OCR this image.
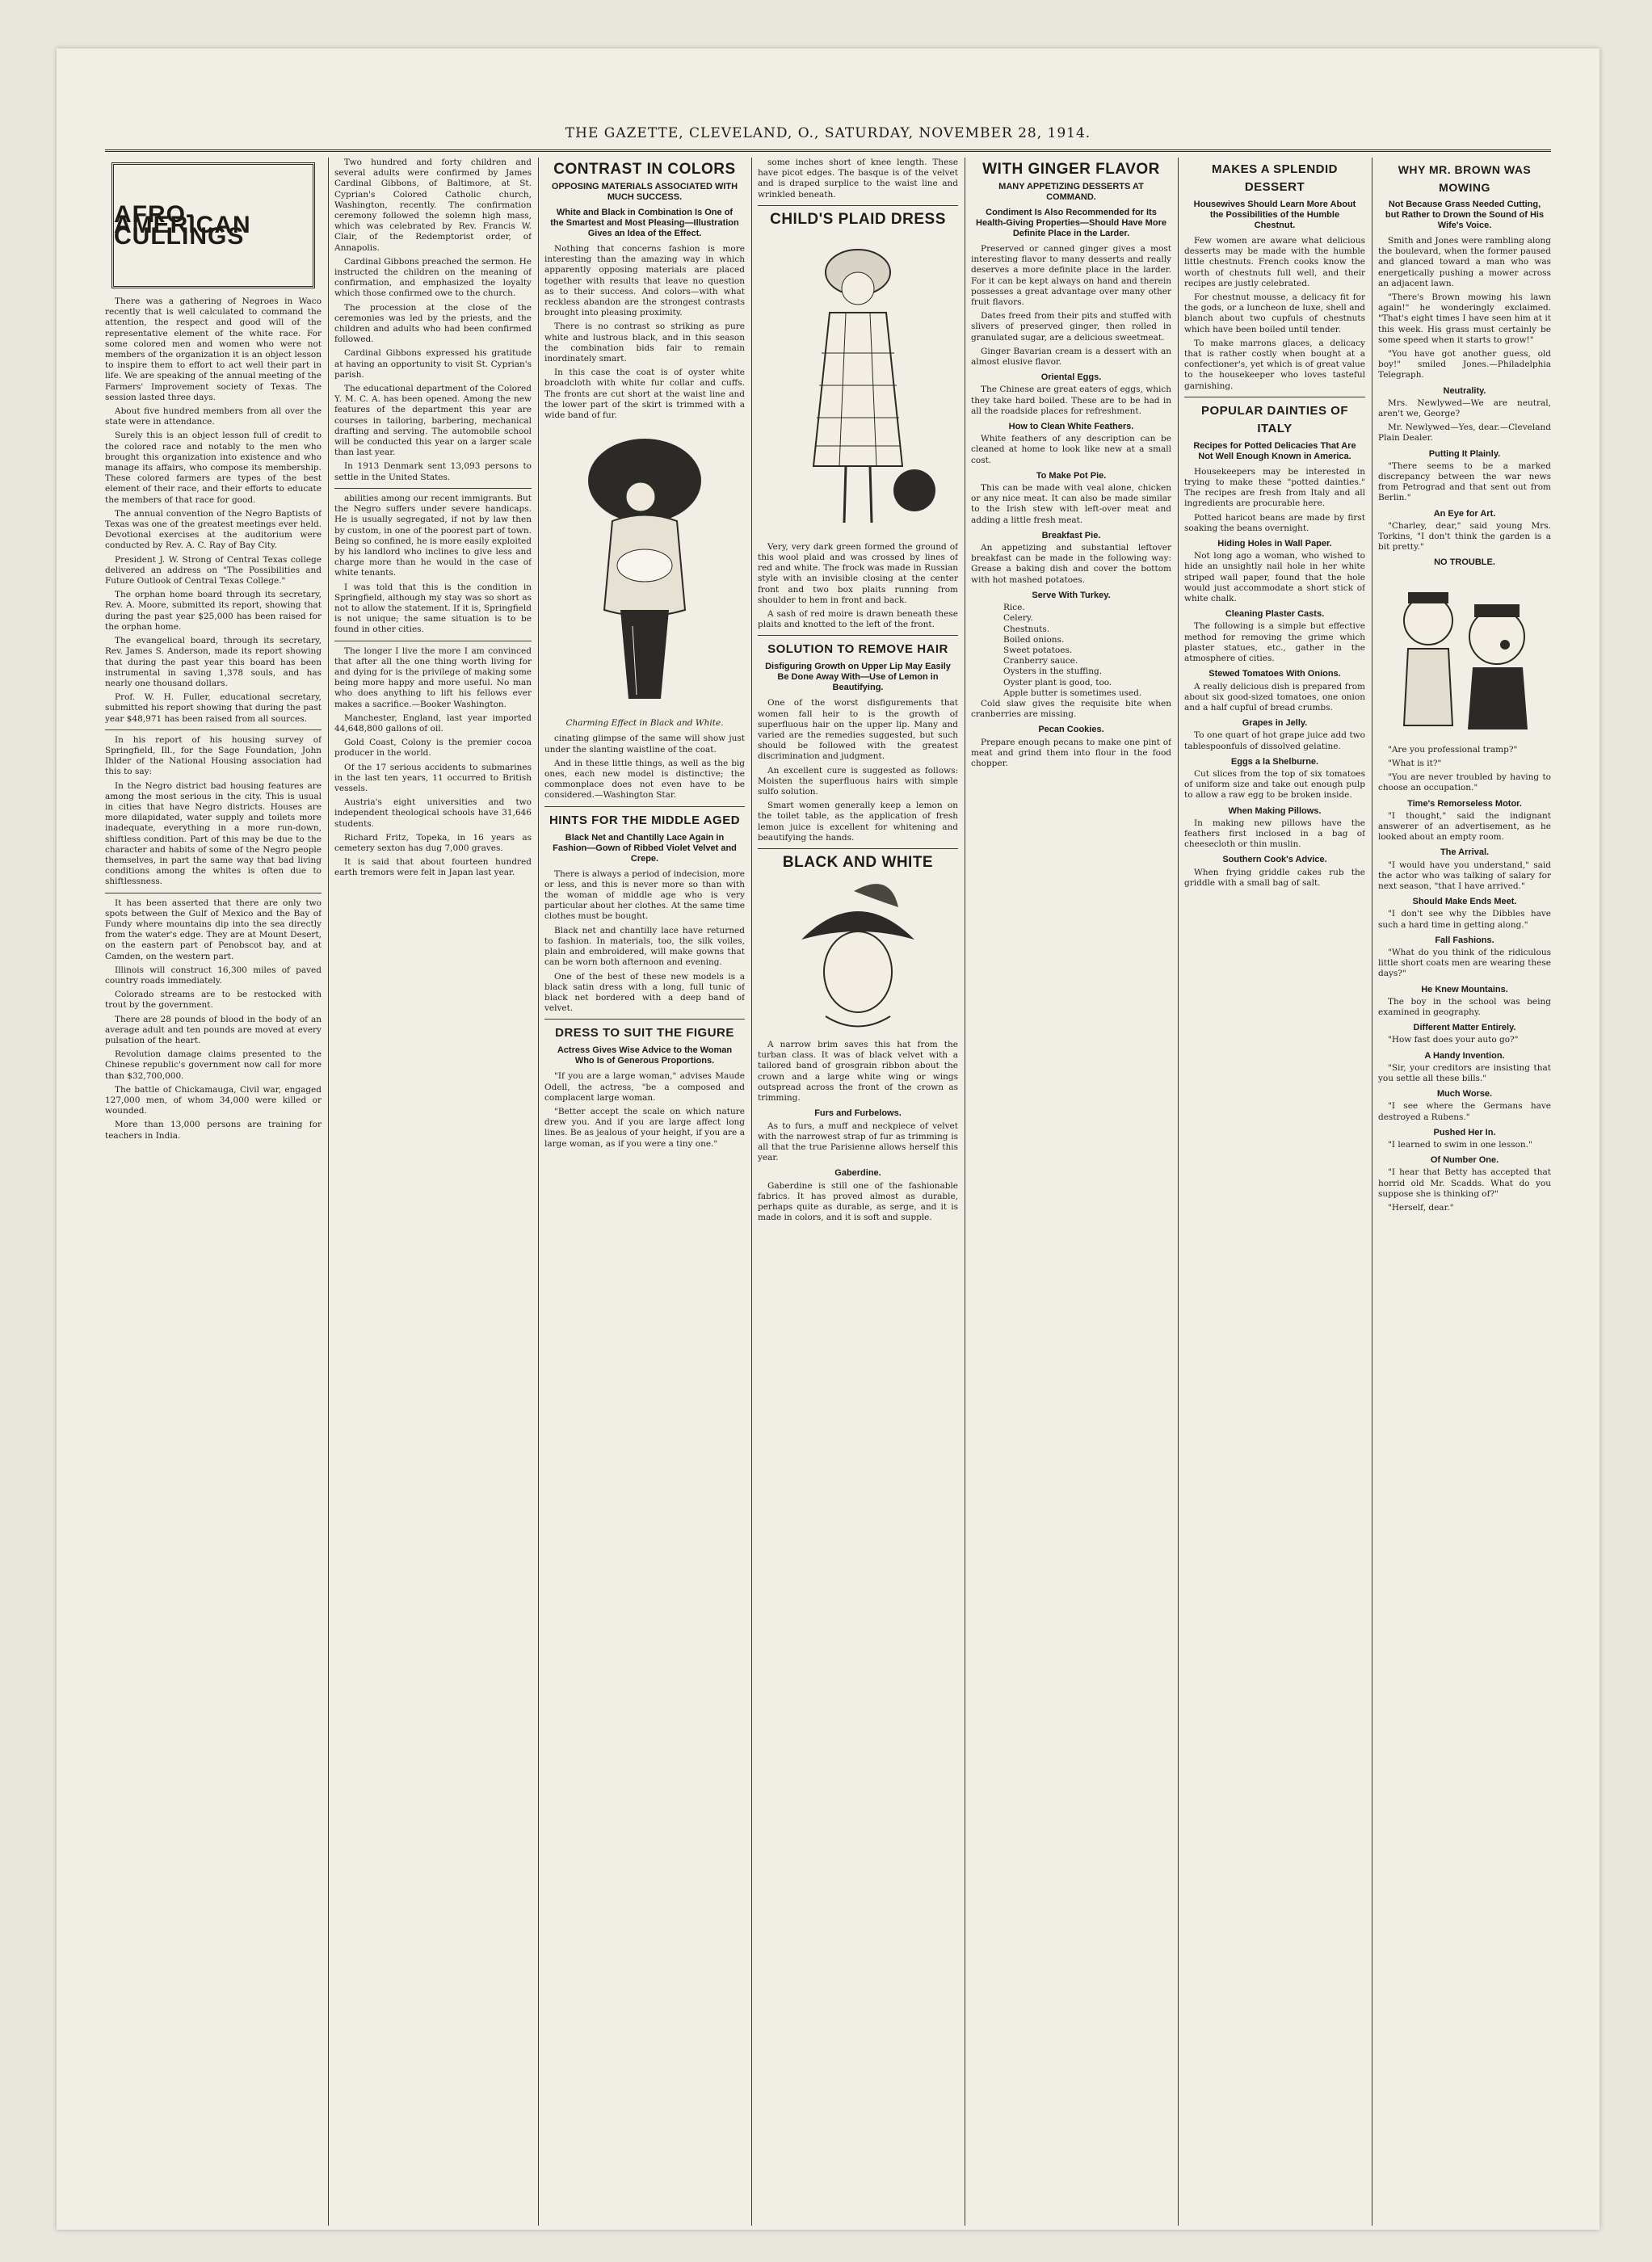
THE GAZETTE, CLEVELAND, O., SATURDAY, NOVEMBER 28, 1914.
AFRO-AMERICAN CULLINGS

There was a gathering of Negroes in Waco recently that is well calculated to command the attention, the respect and good will of the representative element of the white race. For some colored men and women who were not members of the organization it is an object lesson to inspire them to effort to act well their part in life. We are speaking of the annual meeting of the Farmers' Improvement society of Texas. The session lasted three days.

About five hundred members from all over the state were in attendance.

Surely this is an object lesson full of credit to the colored race and notably to the men who brought this organization into existence and who manage its affairs, who compose its membership. These colored farmers are types of the best element of their race, and their efforts to educate the members of that race for good.

The annual convention of the Negro Baptists of Texas was one of the greatest meetings ever held. Devotional exercises at the auditorium were conducted by Rev. A. C. Ray of Bay City.

President J. W. Strong of Central Texas college delivered an address on "The Possibilities and Future Outlook of Central Texas College."

The orphan home board through its secretary, Rev. A. Moore, submitted its report, showing that during the past year $25,000 has been raised for the orphan home.

The evangelical board, through its secretary, Rev. James S. Anderson, made its report showing that during the past year this board has been instrumental in saving 1,378 souls, and has nearly one thousand dollars.

Prof. W. H. Fuller, educational secretary, submitted his report showing that during the past year $48,971 has been raised from all sources.

In his report of his housing survey of Springfield, Ill., for the Sage Foundation, John Ihlder of the National Housing association had this to say:

In the Negro district bad housing features are among the most serious in the city. This is usual in cities that have Negro districts. Houses are more dilapidated, water supply and toilets more inadequate, everything in a more run-down, shiftless condition. Part of this may be due to the character and habits of some of the Negro people themselves, in part the same way that bad living conditions among the whites is often due to shiftlessness.

It has been asserted that there are only two spots between the Gulf of Mexico and the Bay of Fundy where mountains dip into the sea directly from the water's edge. They are at Mount Desert, on the eastern part of Penobscot bay, and at Camden, on the western part.

Illinois will construct 16,300 miles of paved country roads immediately.

Colorado streams are to be restocked with trout by the government.

There are 28 pounds of blood in the body of an average adult and ten pounds are moved at every pulsation of the heart.

Revolution damage claims presented to the Chinese republic's government now call for more than $32,700,000.

The battle of Chickamauga, Civil war, engaged 127,000 men, of whom 34,000 were killed or wounded.

More than 13,000 persons are training for teachers in India.

Two hundred and forty children and several adults were confirmed by James Cardinal Gibbons, of Baltimore, at St. Cyprian's Colored Catholic church, Washington, recently. The confirmation ceremony followed the solemn high mass, which was celebrated by Rev. Francis W. Clair, of the Redemptorist order, of Annapolis.

Cardinal Gibbons preached the sermon. He instructed the children on the meaning of confirmation, and emphasized the loyalty which those confirmed owe to the church.

The procession at the close of the ceremonies was led by the priests, and the children and adults who had been confirmed followed.

Cardinal Gibbons expressed his gratitude at having an opportunity to visit St. Cyprian's parish.

The educational department of the Colored Y. M. C. A. has been opened. Among the new features of the department this year are courses in tailoring, barbering, mechanical drafting and serving. The automobile school will be conducted this year on a larger scale than last year.

In 1913 Denmark sent 13,093 persons to settle in the United States.

abilities among our recent immigrants. But the Negro suffers under severe handicaps. He is usually segregated, if not by law then by custom, in one of the poorest part of town. Being so confined, he is more easily exploited by his landlord who inclines to give less and charge more than he would in the case of white tenants.

I was told that this is the condition in Springfield, although my stay was so short as not to allow the statement. If it is, Springfield is not unique; the same situation is to be found in other cities.

The longer I live the more I am convinced that after all the one thing worth living for and dying for is the privilege of making some being more happy and more useful. No man who does anything to lift his fellows ever makes a sacrifice.—Booker Washington.

Manchester, England, last year imported 44,648,800 gallons of oil.

Gold Coast, Colony is the premier cocoa producer in the world.

Of the 17 serious accidents to submarines in the last ten years, 11 occurred to British vessels.

Austria's eight universities and two independent theological schools have 31,646 students.

Richard Fritz, Topeka, in 16 years as cemetery sexton has dug 7,000 graves.

It is said that about fourteen hundred earth tremors were felt in Japan last year.

CONTRAST IN COLORS
OPPOSING MATERIALS ASSOCIATED WITH MUCH SUCCESS.
White and Black in Combination Is One of the Smartest and Most Pleasing—Illustration Gives an Idea of the Effect.

Nothing that concerns fashion is more interesting than the amazing way in which apparently opposing materials are placed together with results that leave no question as to their success. And colors—with what reckless abandon are the strongest contrasts brought into pleasing proximity.

There is no contrast so striking as pure white and lustrous black, and in this season the combination bids fair to remain inordinately smart.

In this case the coat is of oyster white broadcloth with white fur collar and cuffs. The fronts are cut short at the waist line and the lower part of the skirt is trimmed with a wide band of fur.

Charming Effect in Black and White.

cinating glimpse of the same will show just under the slanting waistline of the coat.

And in these little things, as well as the big ones, each new model is distinctive; the commonplace does not even have to be considered.—Washington Star.

HINTS FOR THE MIDDLE AGED
Black Net and Chantilly Lace Again in Fashion—Gown of Ribbed Violet Velvet and Crepe.

There is always a period of indecision, more or less, and this is never more so than with the woman of middle age who is very particular about her clothes. At the same time clothes must be bought.

Black net and chantilly lace have returned to fashion. In materials, too, the silk voiles, plain and embroidered, will make gowns that can be worn both afternoon and evening.

One of the best of these new models is a black satin dress with a long, full tunic of black net bordered with a deep band of velvet.

DRESS TO SUIT THE FIGURE
Actress Gives Wise Advice to the Woman Who Is of Generous Proportions.

"If you are a large woman," advises Maude Odell, the actress, "be a composed and complacent large woman.

"Better accept the scale on which nature drew you. And if you are large affect long lines. Be as jealous of your height, if you are a large woman, as if you were a tiny one."

some inches short of knee length. These have picot edges. The basque is of the velvet and is draped surplice to the waist line and wrinkled beneath.

CHILD'S PLAID DRESS

Very, very dark green formed the ground of this wool plaid and was crossed by lines of red and white. The frock was made in Russian style with an invisible closing at the center front and two box plaits running from shoulder to hem in front and back.

A sash of red moire is drawn beneath these plaits and knotted to the left of the front.

SOLUTION TO REMOVE HAIR
Disfiguring Growth on Upper Lip May Easily Be Done Away With—Use of Lemon in Beautifying.

One of the worst disfigurements that women fall heir to is the growth of superfluous hair on the upper lip. Many and varied are the remedies suggested, but such should be followed with the greatest discrimination and judgment.

An excellent cure is suggested as follows: Moisten the superfluous hairs with simple sulfo solution.

Smart women generally keep a lemon on the toilet table, as the application of fresh lemon juice is excellent for whitening and beautifying the hands.

BLACK AND WHITE

A narrow brim saves this hat from the turban class. It was of black velvet with a tailored band of grosgrain ribbon about the crown and a large white wing or wings outspread across the front of the crown as trimming.

Furs and Furbelows.

As to furs, a muff and neckpiece of velvet with the narrowest strap of fur as trimming is all that the true Parisienne allows herself this year.

Gaberdine.

Gaberdine is still one of the fashionable fabrics. It has proved almost as durable, perhaps quite as durable, as serge, and it is made in colors, and it is soft and supple.

WITH GINGER FLAVOR
MANY APPETIZING DESSERTS AT COMMAND.
Condiment Is Also Recommended for Its Health-Giving Properties—Should Have More Definite Place in the Larder.

Preserved or canned ginger gives a most interesting flavor to many desserts and really deserves a more definite place in the larder. For it can be kept always on hand and therein possesses a great advantage over many other fruit flavors.

Dates freed from their pits and stuffed with slivers of preserved ginger, then rolled in granulated sugar, are a delicious sweetmeat.

Ginger Bavarian cream is a dessert with an almost elusive flavor.

Oriental Eggs.

The Chinese are great eaters of eggs, which they take hard boiled. These are to be had in all the roadside places for refreshment.

How to Clean White Feathers.

White feathers of any description can be cleaned at home to look like new at a small cost.

To Make Pot Pie.

This can be made with veal alone, chicken or any nice meat. It can also be made similar to the Irish stew with left-over meat and adding a little fresh meat.

Breakfast Pie.

An appetizing and substantial leftover breakfast can be made in the following way: Grease a baking dish and cover the bottom with hot mashed potatoes.

Serve With Turkey.
Rice.
Celery.
Chestnuts.
Boiled onions.
Sweet potatoes.
Cranberry sauce.
Oysters in the stuffing.
Oyster plant is good, too.
Apple butter is sometimes used.

Cold slaw gives the requisite bite when cranberries are missing.

Pecan Cookies.

Prepare enough pecans to make one pint of meat and grind them into flour in the food chopper.

MAKES A SPLENDID DESSERT
Housewives Should Learn More About the Possibilities of the Humble Chestnut.

Few women are aware what delicious desserts may be made with the humble little chestnuts. French cooks know the worth of chestnuts full well, and their recipes are justly celebrated.

For chestnut mousse, a delicacy fit for the gods, or a luncheon de luxe, shell and blanch about two cupfuls of chestnuts which have been boiled until tender.

To make marrons glaces, a delicacy that is rather costly when bought at a confectioner's, yet which is of great value to the housekeeper who loves tasteful garnishing.

POPULAR DAINTIES OF ITALY
Recipes for Potted Delicacies That Are Not Well Enough Known in America.

Housekeepers may be interested in trying to make these "potted dainties." The recipes are fresh from Italy and all ingredients are procurable here.

Potted haricot beans are made by first soaking the beans overnight.

Hiding Holes in Wall Paper.

Not long ago a woman, who wished to hide an unsightly nail hole in her white striped wall paper, found that the hole would just accommodate a short stick of white chalk.

Cleaning Plaster Casts.

The following is a simple but effective method for removing the grime which plaster statues, etc., gather in the atmosphere of cities.

Stewed Tomatoes With Onions.

A really delicious dish is prepared from about six good-sized tomatoes, one onion and a half cupful of bread crumbs.

Grapes in Jelly.

To one quart of hot grape juice add two tablespoonfuls of dissolved gelatine.

Eggs a la Shelburne.

Cut slices from the top of six tomatoes of uniform size and take out enough pulp to allow a raw egg to be broken inside.

When Making Pillows.

In making new pillows have the feathers first inclosed in a bag of cheesecloth or thin muslin.

Southern Cook's Advice.

When frying griddle cakes rub the griddle with a small bag of salt.

WHY MR. BROWN WAS MOWING
Not Because Grass Needed Cutting, but Rather to Drown the Sound of His Wife's Voice.

Smith and Jones were rambling along the boulevard, when the former paused and glanced toward a man who was energetically pushing a mower across an adjacent lawn.

"There's Brown mowing his lawn again!" he wonderingly exclaimed. "That's eight times I have seen him at it this week. His grass must certainly be some speed when it starts to grow!"

"You have got another guess, old boy!" smiled Jones.—Philadelphia Telegraph.

Neutrality.

Mrs. Newlywed—We are neutral, aren't we, George?

Mr. Newlywed—Yes, dear.—Cleveland Plain Dealer.

Putting It Plainly.

"There seems to be a marked discrepancy between the war news from Petrograd and that sent out from Berlin."

An Eye for Art.

"Charley, dear," said young Mrs. Torkins, "I don't think the garden is a bit pretty."

NO TROUBLE.

"Are you professional tramp?"

"What is it?"

"You are never troubled by having to choose an occupation."

Time's Remorseless Motor.

"I thought," said the indignant answerer of an advertisement, as he looked about an empty room.

The Arrival.

"I would have you understand," said the actor who was talking of salary for next season, "that I have arrived."

Should Make Ends Meet.

"I don't see why the Dibbles have such a hard time in getting along."

Fall Fashions.

"What do you think of the ridiculous little short coats men are wearing these days?"

He Knew Mountains.

The boy in the school was being examined in geography.

Different Matter Entirely.

"How fast does your auto go?"

A Handy Invention.

"Sir, your creditors are insisting that you settle all these bills."

Much Worse.

"I see where the Germans have destroyed a Rubens."

Pushed Her In.

"I learned to swim in one lesson."

Of Number One.

"I hear that Betty has accepted that horrid old Mr. Scadds. What do you suppose she is thinking of?"

"Herself, dear."
